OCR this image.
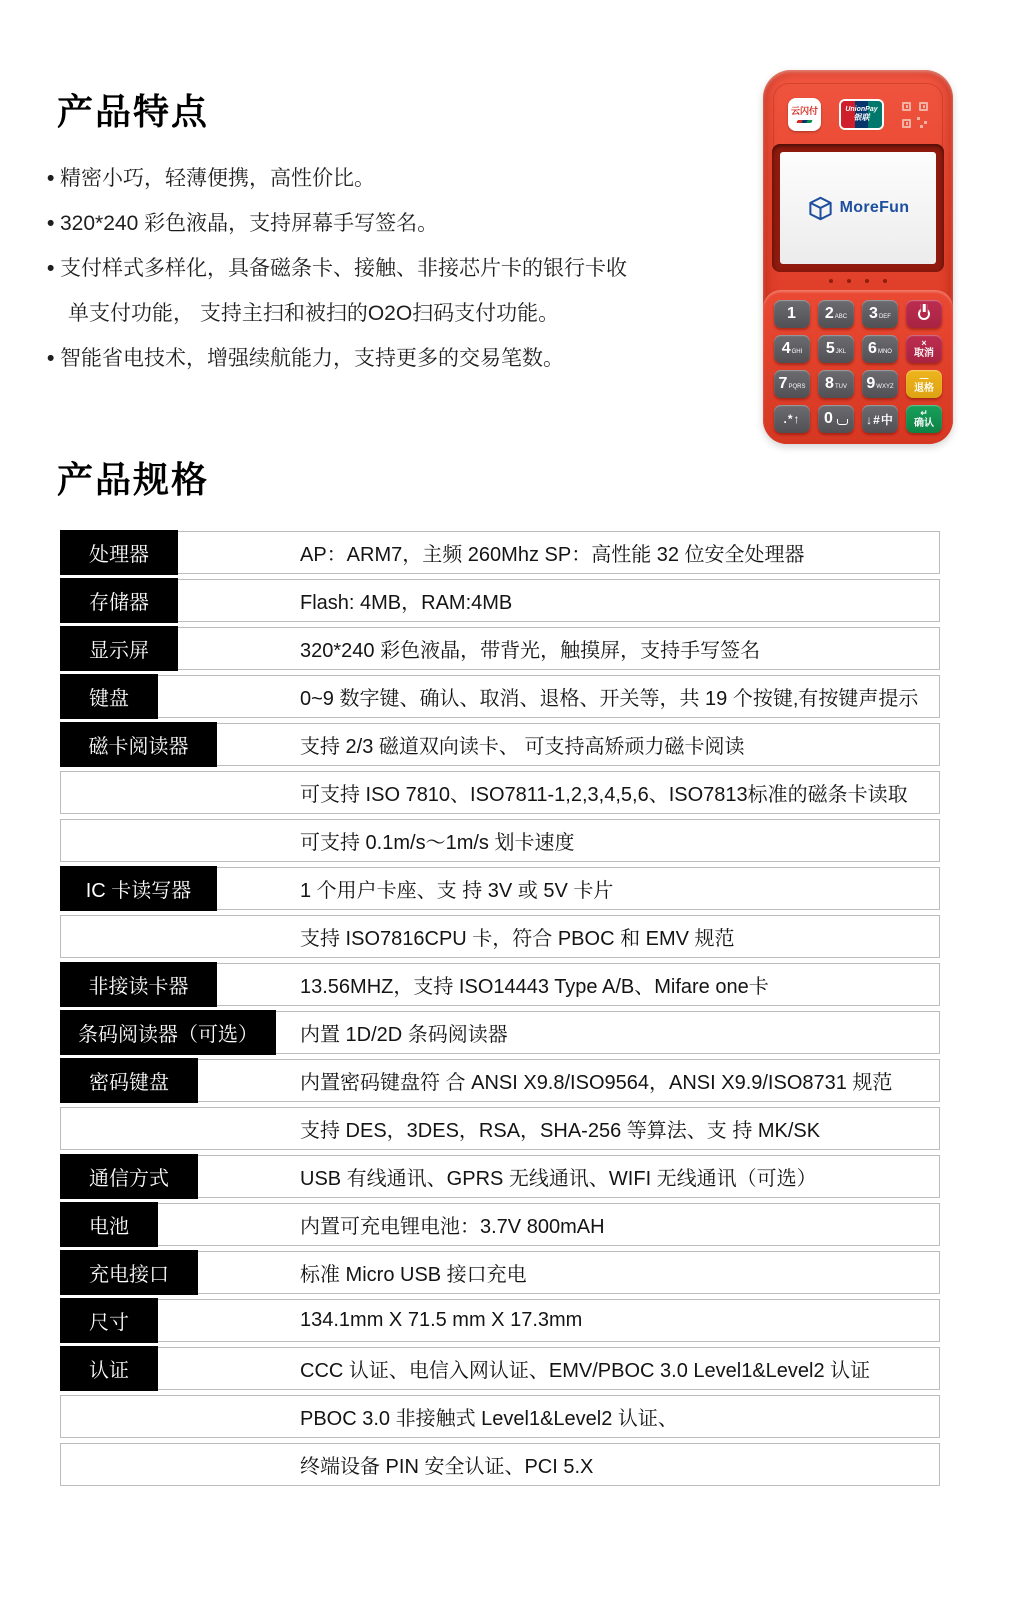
产品特点
• 精密小巧，轻薄便携，高性价比。
• 320*240 彩色液晶，支持屏幕手写签名。
• 支付样式多样化，具备磁条卡、接触、非接芯片卡的银行卡收
单支付功能， 支持主扫和被扫的O2O扫码支付功能。
• 智能省电技术，增强续航能力，支持更多的交易笔数。
云闪付	UnionPay
银联
MoreFun
1 2 ABC 3 DEF
4 GHI 5 JKL 6 MNO
×
取消
7 PQRS 8 TUV 9 WXYZ
—
退格
.*↑ 0	↓#中	↵
确认
产品规格
处理器	AP：ARM7，主频 260Mhz SP：高性能 32 位安全处理器
存储器	Flash: 4MB，RAM:4MB
显示屏	320*240 彩色液晶，带背光，触摸屏，支持手写签名
键盘	0~9 数字键、确认、取消、退格、开关等，共 19 个按键,有按键声提示
磁卡阅读器	支持 2/3 磁道双向读卡、 可支持高矫顽力磁卡阅读
可支持 ISO 7810、ISO7811-1,2,3,4,5,6、ISO7813标准的磁条卡读取
可支持 0.1m/s～1m/s 划卡速度
IC 卡读写器	1 个用户卡座、支 持 3V 或 5V 卡片
支持 ISO7816CPU 卡，符合 PBOC 和 EMV 规范
非接读卡器	13.56MHZ，支持 ISO14443 Type A/B、Mifare one卡
条码阅读器（可选）	内置 1D/2D 条码阅读器
密码键盘	内置密码键盘符 合 ANSI X9.8/ISO9564，ANSI X9.9/ISO8731 规范
支持 DES，3DES，RSA，SHA-256 等算法、支 持 MK/SK
通信方式	USB 有线通讯、GPRS 无线通讯、WIFI 无线通讯（可选）
电池	内置可充电锂电池：3.7V 800mAH
充电接口	标准 Micro USB 接口充电
尺寸	134.1mm X 71.5 mm X 17.3mm
认证	CCC 认证、电信入网认证、EMV/PBOC 3.0 Level1&Level2 认证
PBOC 3.0 非接触式 Level1&Level2 认证、
终端设备 PIN 安全认证、PCI 5.X
